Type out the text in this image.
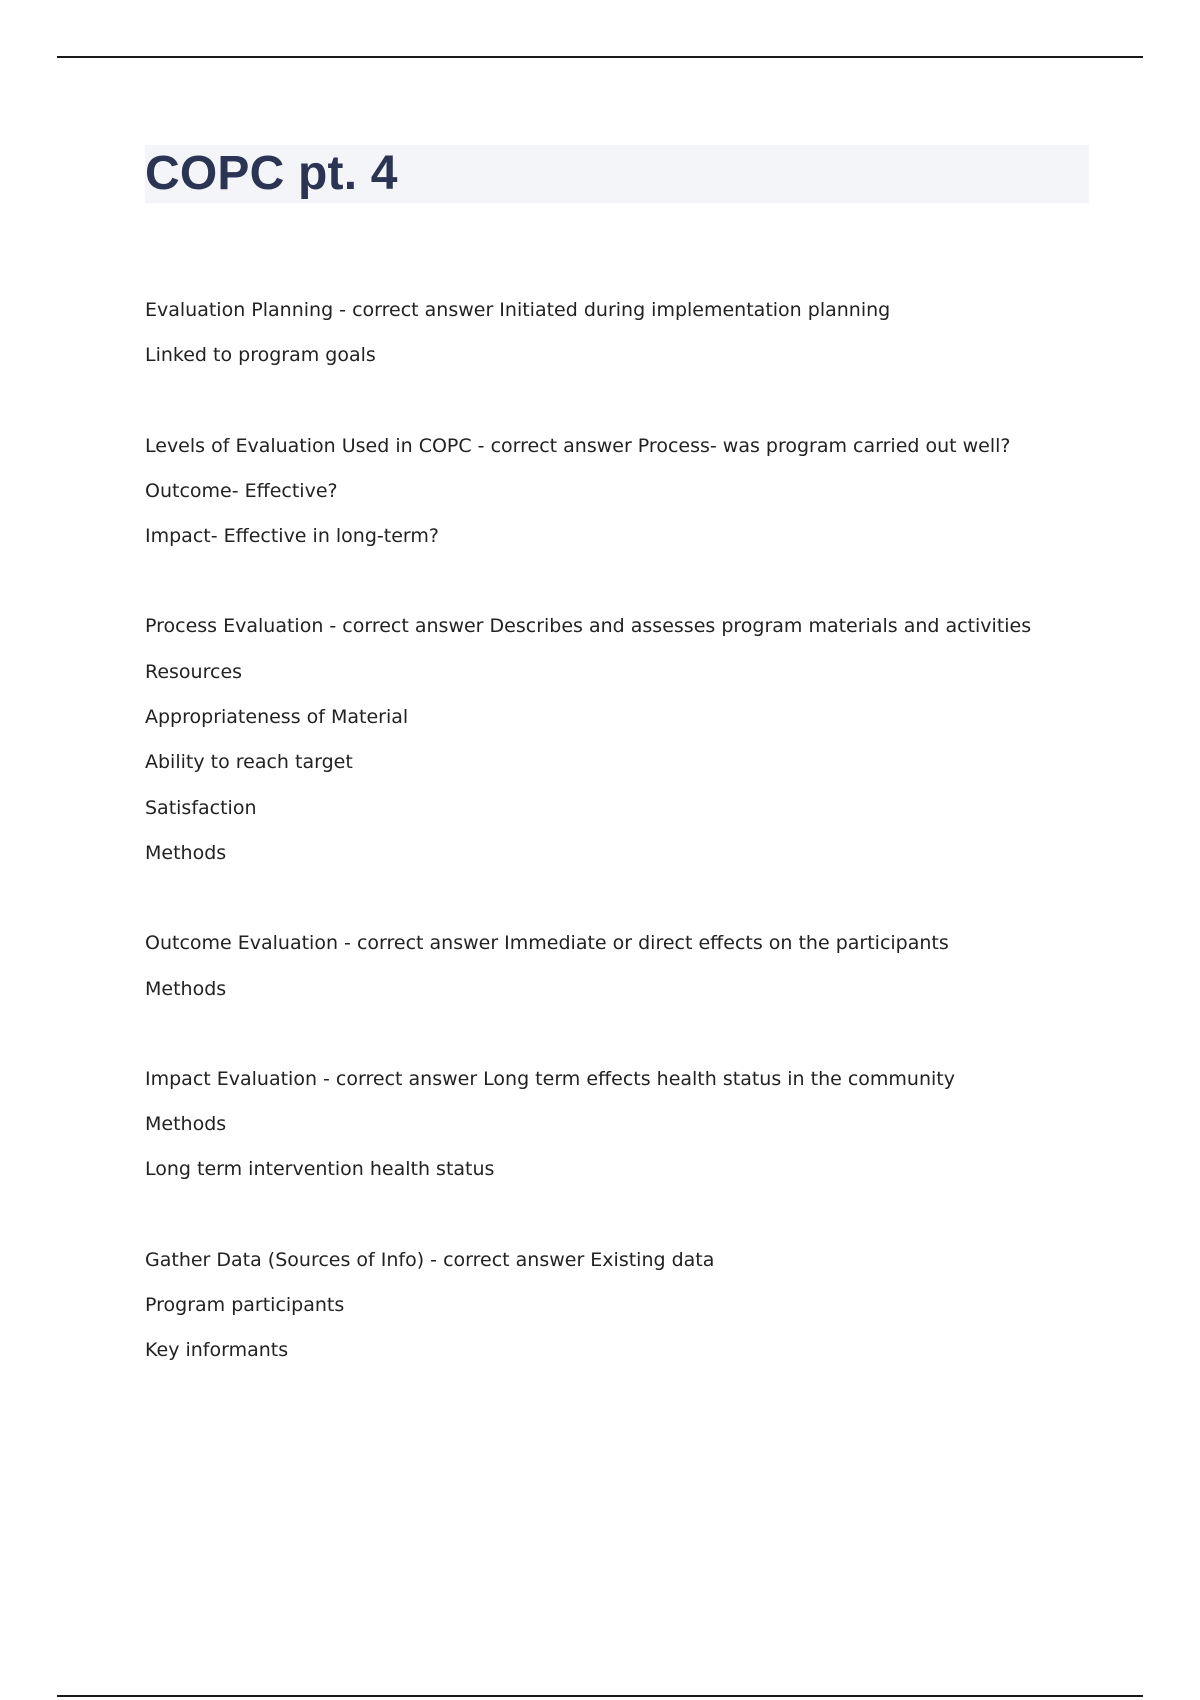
COPC pt. 4
Evaluation Planning - correct answer Initiated during implementation planning
Linked to program goals
Levels of Evaluation Used in COPC - correct answer Process- was program carried out well?
Outcome- Effective?
Impact- Effective in long-term?
Process Evaluation - correct answer Describes and assesses program materials and activities
Resources
Appropriateness of Material
Ability to reach target
Satisfaction
Methods
Outcome Evaluation - correct answer Immediate or direct effects on the participants
Methods
Impact Evaluation - correct answer Long term effects health status in the community
Methods
Long term intervention health status
Gather Data (Sources of Info) - correct answer Existing data
Program participants
Key informants
